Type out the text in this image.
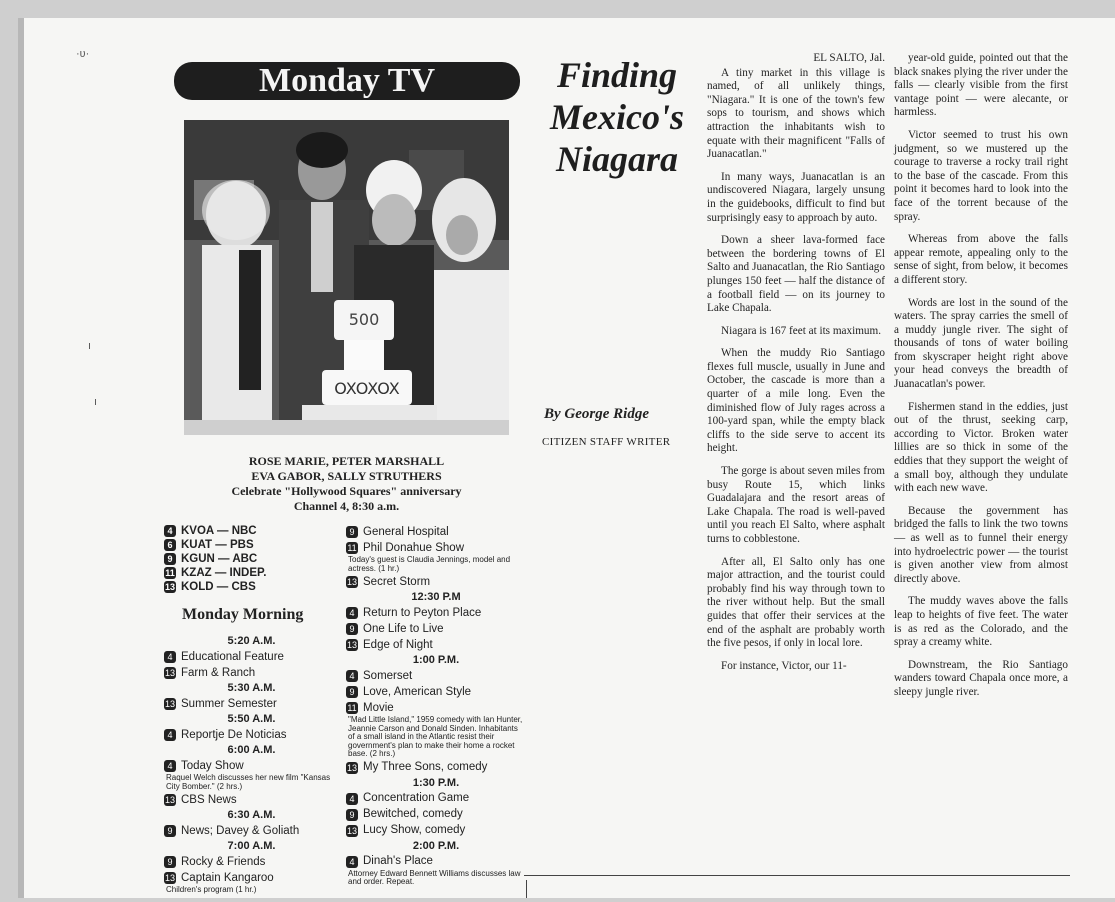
·ʋ·
ı
ı
Monday TV
500
OXOXOX
ROSE MARIE, PETER MARSHALL
EVA GABOR, SALLY STRUTHERS
Celebrate "Hollywood Squares" anniversary
Channel 4, 8:30 a.m.
4 KVOA — NBC
6 KUAT — PBS
9 KGUN — ABC
11 KZAZ — INDEP.
13 KOLD — CBS
Monday Morning
5:20 A.M.
4 Educational Feature
13 Farm & Ranch
5:30 A.M.
13 Summer Semester
5:50 A.M.
4 Reportje De Noticias
6:00 A.M.
4 Today Show
Raquel Welch discusses her new film "Kansas City Bomber." (2 hrs.)
13 CBS News
6:30 A.M.
9 News; Davey & Goliath
7:00 A.M.
9 Rocky & Friends
13 Captain Kangaroo
Children's program (1 hr.)
9 General Hospital
11 Phil Donahue Show
Today's guest is Claudia Jennings, model and actress. (1 hr.)
13 Secret Storm
12:30 P.M
4 Return to Peyton Place
9 One Life to Live
13 Edge of Night
1:00 P.M.
4 Somerset
9 Love, American Style
11 Movie
"Mad Little Island," 1959 comedy with Ian Hunter, Jeannie Carson and Donald Sinden. Inhabitants of a small island in the Atlantic resist their government's plan to make their home a rocket base. (2 hrs.)
13 My Three Sons, comedy
1:30 P.M.
4 Concentration Game
9 Bewitched, comedy
13 Lucy Show, comedy
2:00 P.M.
4 Dinah's Place
Attorney Edward Bennett Williams discusses law and order. Repeat.
Finding
Mexico's
Niagara
By George Ridge
CITIZEN STAFF WRITER
EL SALTO, Jal.

A tiny market in this village is named, of all unlikely things, "Niagara." It is one of the town's few sops to tourism, and shows which attraction the inhabitants wish to equate with their magnificent "Falls of Juanacatlan."

In many ways, Juanacatlan is an undiscovered Niagara, largely unsung in the guidebooks, difficult to find but surprisingly easy to approach by auto.

Down a sheer lava-formed face between the bordering towns of El Salto and Juanacatlan, the Rio Santiago plunges 150 feet — half the distance of a football field — on its journey to Lake Chapala.

Niagara is 167 feet at its maximum.

When the muddy Rio Santiago flexes full muscle, usually in June and October, the cascade is more than a quarter of a mile long. Even the diminished flow of July rages across a 100-yard span, while the empty black cliffs to the side serve to accent its height.

The gorge is about seven miles from busy Route 15, which links Guadalajara and the resort areas of Lake Chapala. The road is well-paved until you reach El Salto, where asphalt turns to cobblestone.

After all, El Salto only has one major attraction, and the tourist could probably find his way through town to the river without help. But the small guides that offer their services at the end of the asphalt are probably worth the five pesos, if only in local lore.

For instance, Victor, our 11-

year-old guide, pointed out that the black snakes plying the river under the falls — clearly visible from the first vantage point — were alecante, or harmless.

Victor seemed to trust his own judgment, so we mustered up the courage to traverse a rocky trail right to the base of the cascade. From this point it becomes hard to look into the face of the torrent because of the spray.

Whereas from above the falls appear remote, appealing only to the sense of sight, from below, it becomes a different story.

Words are lost in the sound of the waters. The spray carries the smell of a muddy jungle river. The sight of thousands of tons of water boiling from skyscraper height right above your head conveys the breadth of Juanacatlan's power.

Fishermen stand in the eddies, just out of the thrust, seeking carp, according to Victor. Broken water lillies are so thick in some of the eddies that they support the weight of a small boy, although they undulate with each new wave.

Because the government has bridged the falls to link the two towns — as well as to funnel their energy into hydroelectric power — the tourist is given another view from almost directly above.

The muddy waves above the falls leap to heights of five feet. The water is as red as the Colorado, and the spray a creamy white.

Downstream, the Rio Santiago wanders toward Chapala once more, a sleepy jungle river.
